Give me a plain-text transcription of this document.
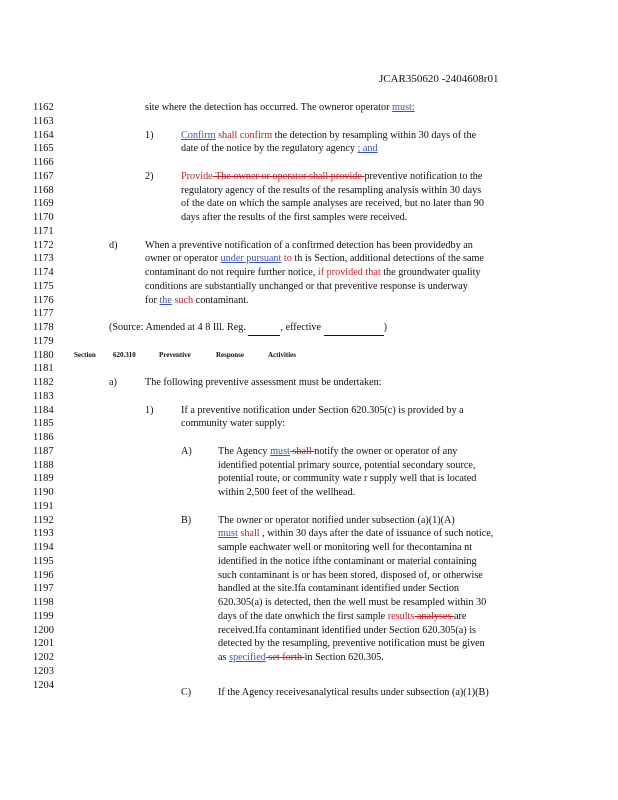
JCAR350620 -2404608r01
1162
1163
1164
1165
1166
1167
1168
1169
1170
1171
1172
1173
1174
1175
1176
1177
1178
1179
1180
1181
1182
1183
1184
1185
1186
1187
1188
1189
1190
1191
1192
1193
1194
1195
1196
1197
1198
1199
1200
1201
1202
1203
1204
site where the detection has occurred. The owneror operator must:
1)	Confirm shall confirm the detection by resampling within 30 days of the
date of the notice by the regulatory agency ; and
2)	Provide The owner or operator shall provide preventive notification to the
regulatory agency of the results of the resampling analysis within 30 days
of the date on which the sample analyses are received, but no later than 90
days after the results of the first samples were received.
d)	When a preventive notification of a confirmed detection has been providedby an
owner or operator under pursuant to th is Section, additional detections of the same
contaminant do not require further notice, if provided that the groundwater quality
conditions are substantially unchanged or that preventive response is underway
for the such contaminant.
(Source: Amended at 4 8 Ill. Reg.	, effective	)
Section 620.310	Preventive	Response	Activities
a)	The following preventive assessment must be undertaken:
1)	If a preventive notification under Section 620.305(c) is provided by a
community water supply:
A)	The Agency must shall notify the owner or operator of any
identified potential primary source, potential secondary source,
potential route, or community wate r supply well that is located
within 2,500 feet of the wellhead.
B)	The owner or operator notified under subsection (a)(1)(A)
must shall , within 30 days after the date of issuance of such notice,
sample eachwater well or monitoring well for thecontamina nt
identified in the notice ifthe contaminant or material containing
such contaminant is or has been stored, disposed of, or otherwise
handled at the site.Ifa contaminant identified under Section
620.305(a) is detected, then the well must be resampled within 30
days of the date onwhich the first sample results analyses are
received.Ifa contaminant identified under Section 620.305(a) is
detected by the resampling, preventive notification must be given
as specified set forth in Section 620.305.
C)	If the Agency receivesanalytical results under subsection (a)(1)(B)
